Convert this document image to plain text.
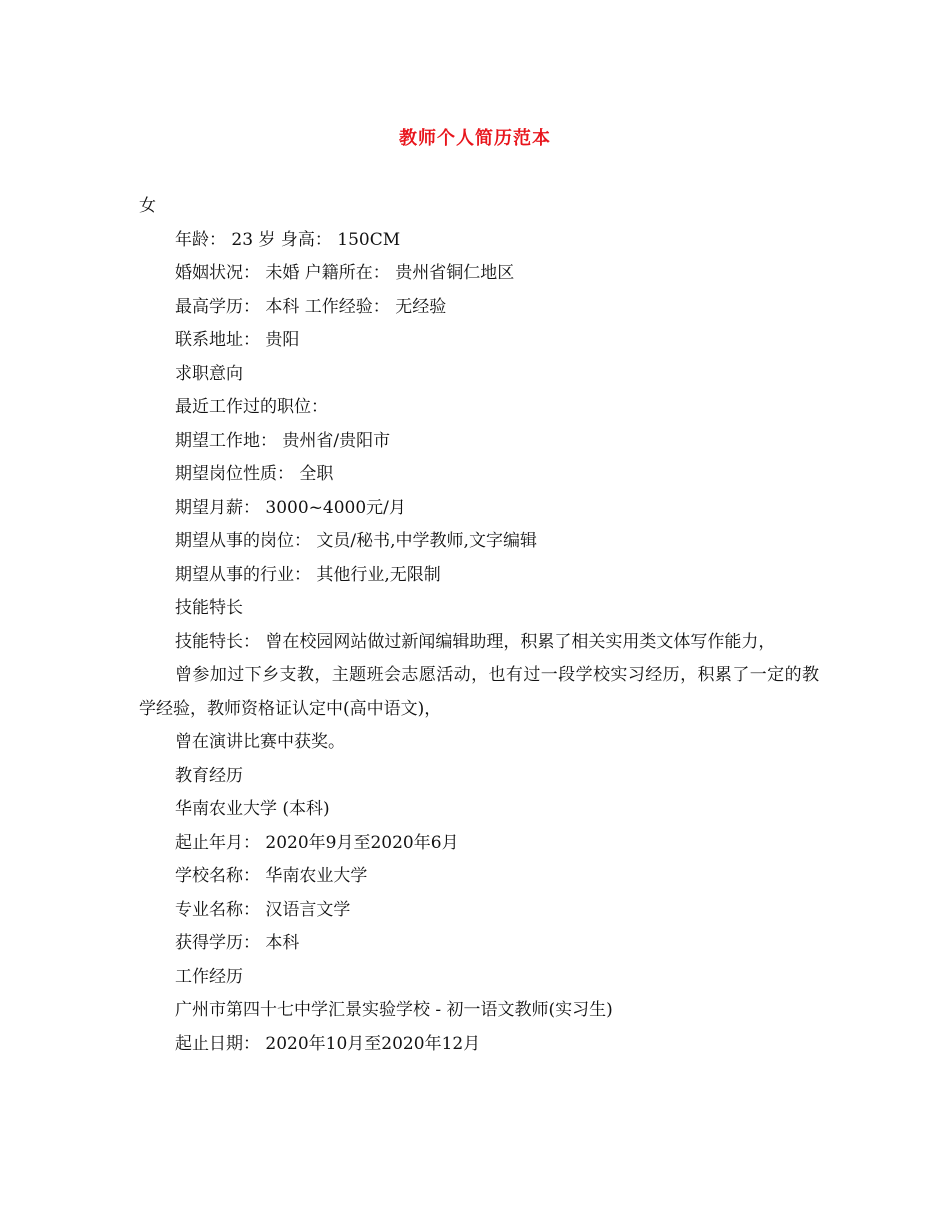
教师个人简历范本
女
年龄： 23 岁 身高： 150CM
婚姻状况： 未婚 户籍所在： 贵州省铜仁地区
最高学历： 本科 工作经验： 无经验
联系地址： 贵阳
求职意向
最近工作过的职位：
期望工作地： 贵州省/贵阳市
期望岗位性质： 全职
期望月薪： 3000~4000元/月
期望从事的岗位： 文员/秘书,中学教师,文字编辑
期望从事的行业： 其他行业,无限制
技能特长
技能特长： 曾在校园网站做过新闻编辑助理，积累了相关实用类文体写作能力，
曾参加过下乡支教，主题班会志愿活动，也有过一段学校实习经历，积累了一定的教学经验，教师资格证认定中(高中语文)，
曾在演讲比赛中获奖。
教育经历
华南农业大学 (本科)
起止年月： 2020年9月至2020年6月
学校名称： 华南农业大学
专业名称： 汉语言文学
获得学历： 本科
工作经历
广州市第四十七中学汇景实验学校 - 初一语文教师(实习生)
起止日期： 2020年10月至2020年12月
